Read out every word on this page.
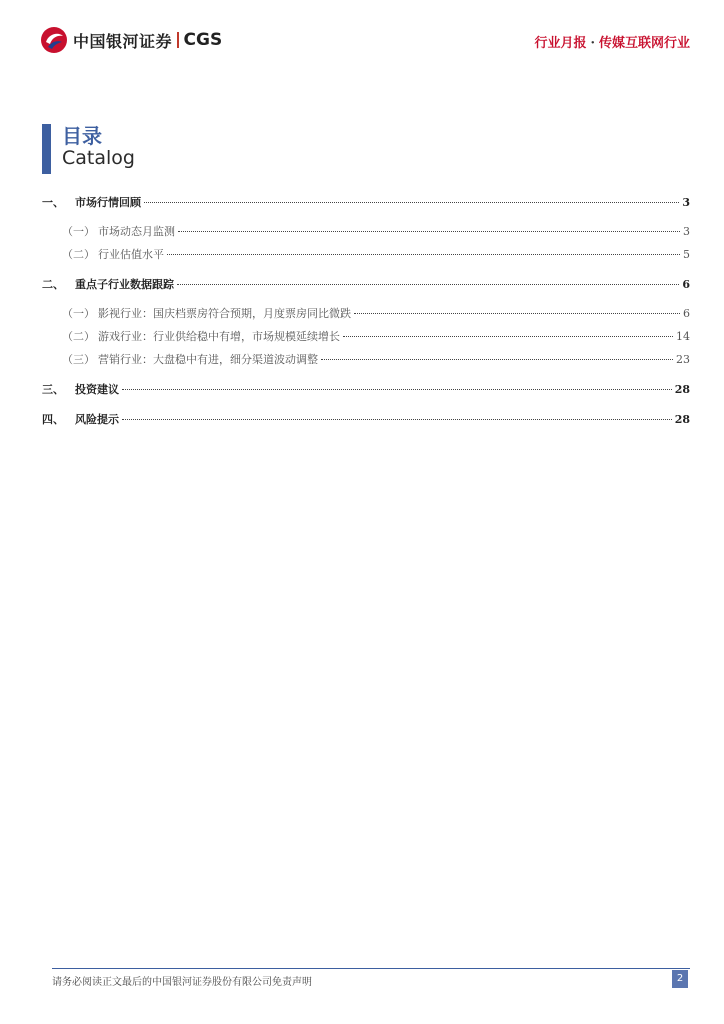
中国银河证券 CGS	行业月报 · 传媒互联网行业
目录
Catalog
一、	市场行情回顾	3
（一） 市场动态月监测	3
（二） 行业估值水平	5
二、	重点子行业数据跟踪	6
（一） 影视行业：国庆档票房符合预期，月度票房同比微跌	6
（二） 游戏行业：行业供给稳中有增，市场规模延续增长	14
（三） 营销行业：大盘稳中有进，细分渠道波动调整	23
三、	投资建议	28
四、	风险提示	28
请务必阅读正文最后的中国银河证券股份有限公司免责声明	2
